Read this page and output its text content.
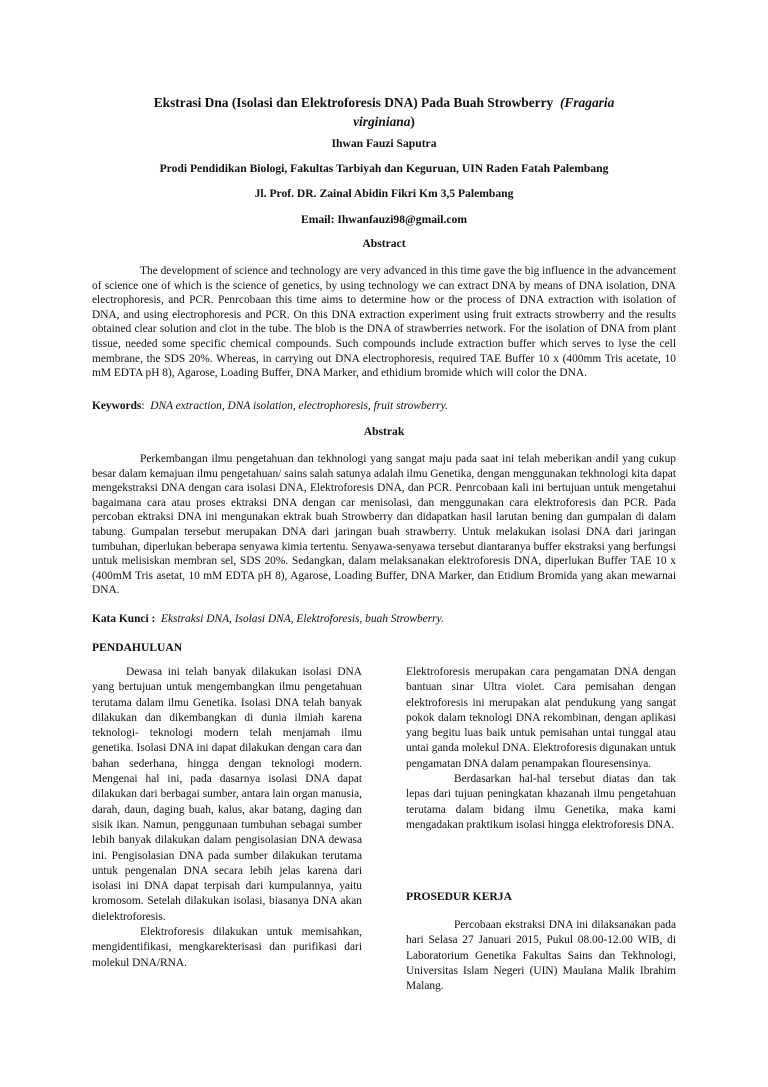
Ekstrasi Dna (Isolasi dan Elektroforesis DNA) Pada Buah Strowberry (Fragaria
virginiana)
Ihwan Fauzi Saputra
Prodi Pendidikan Biologi, Fakultas Tarbiyah dan Keguruan, UIN Raden Fatah Palembang
Jl. Prof. DR. Zainal Abidin Fikri Km 3,5 Palembang
Email: Ihwanfauzi98@gmail.com
Abstract

The development of science and technology are very advanced in this time gave the big influence in the advancement of science one of which is the science of genetics, by using technology we can extract DNA by means of DNA isolation, DNA electrophoresis, and PCR. Penrcobaan this time aims to determine how or the process of DNA extraction with isolation of DNA, and using electrophoresis and PCR. On this DNA extraction experiment using fruit extracts strowberry and the results obtained clear solution and clot in the tube. The blob is the DNA of strawberries network. For the isolation of DNA from plant tissue, needed some specific chemical compounds. Such compounds include extraction buffer which serves to lyse the cell membrane, the SDS 20%. Whereas, in carrying out DNA electrophoresis, required TAE Buffer 10 x (400mm Tris acetate, 10 mM EDTA pH 8), Agarose, Loading Buffer, DNA Marker, and ethidium bromide which will color the DNA.

Keywords: DNA extraction, DNA isolation, electrophoresis, fruit strowberry.
Abstrak

Perkembangan ilmu pengetahuan dan tekhnologi yang sangat maju pada saat ini telah meberikan andil yang cukup besar dalam kemajuan ilmu pengetahuan/ sains salah satunya adalah ilmu Genetika, dengan menggunakan tekhnologi kita dapat mengekstraksi DNA dengan cara isolasi DNA, Elektroforesis DNA, dan PCR. Penrcobaan kali ini bertujuan untuk mengetahui bagaimana cara atau proses ektraksi DNA dengan car menisolasi, dan menggunakan cara elektroforesis dan PCR. Pada percoban ektraksi DNA ini mengunakan ektrak buah Strowberry dan didapatkan hasil larutan bening dan gumpalan di dalam tabung. Gumpalan tersebut merupakan DNA dari jaringan buah strawberry. Untuk melakukan isolasi DNA dari jaringan tumbuhan, diperlukan beberapa senyawa kimia tertentu. Senyawa-senyawa tersebut diantaranya buffer ekstraksi yang berfungsi untuk melisiskan membran sel, SDS 20%. Sedangkan, dalam melaksanakan elektroforesis DNA, diperlukan Buffer TAE 10 x (400mM Tris asetat, 10 mM EDTA pH 8), Agarose, Loading Buffer, DNA Marker, dan Etidium Bromida yang akan mewarnai DNA.

Kata Kunci : Ekstraksi DNA, Isolasi DNA, Elektroforesis, buah Strowberry.
PENDAHULUAN

Dewasa ini telah banyak dilakukan isolasi DNA yang bertujuan untuk mengembangkan ilmu pengetahuan terutama dalam ilmu Genetika. Isolasi DNA telah banyak dilakukan dan dikembangkan di dunia ilmiah karena teknologi- teknologi modern telah menjamah ilmu genetika. Isolasi DNA ini dapat dilakukan dengan cara dan bahan sederhana, hingga dengan teknologi modern. Mengenai hal ini, pada dasarnya isolasi DNA dapat dilakukan dari berbagai sumber, antara lain organ manusia, darah, daun, daging buah, kalus, akar batang, daging dan sisik ikan. Namun, penggunaan tumbuhan sebagai sumber lebih banyak dilakukan dalam pengisolasian DNA dewasa ini. Pengisolasian DNA pada sumber dilakukan terutama untuk pengenalan DNA secara lebih jelas karena dari isolasi ini DNA dapat terpisah dari kumpulannya, yaitu kromosom. Setelah dilakukan isolasi, biasanya DNA akan dielektroforesis.

Elektroforesis dilakukan untuk memisahkan, mengidentifikasi, mengkarekterisasi dan purifikasi dari molekul DNA/RNA.

Elektroforesis merupakan cara pengamatan DNA dengan bantuan sinar Ultra violet. Cara pemisahan dengan elektroforesis ini merupakan alat pendukung yang sangat pokok dalam teknologi DNA rekombinan, dengan aplikasi yang begitu luas baik untuk pemisahan untai tunggal atau untai ganda molekul DNA. Elektroforesis digunakan untuk pengamatan DNA dalam penampakan flouresensinya.

Berdasarkan hal-hal tersebut diatas dan tak lepas dari tujuan peningkatan khazanah ilmu pengetahuan terutama dalam bidang ilmu Genetika, maka kami mengadakan praktikum isolasi hingga elektroforesis DNA.

PROSEDUR KERJA

Percobaan ekstraksi DNA ini dilaksanakan pada hari Selasa 27 Januari 2015, Pukul 08.00-12.00 WIB, di Laboratorium Genetika Fakultas Sains dan Tekhnologi, Universitas Islam Negeri (UIN) Maulana Malik Ibrahim Malang.
